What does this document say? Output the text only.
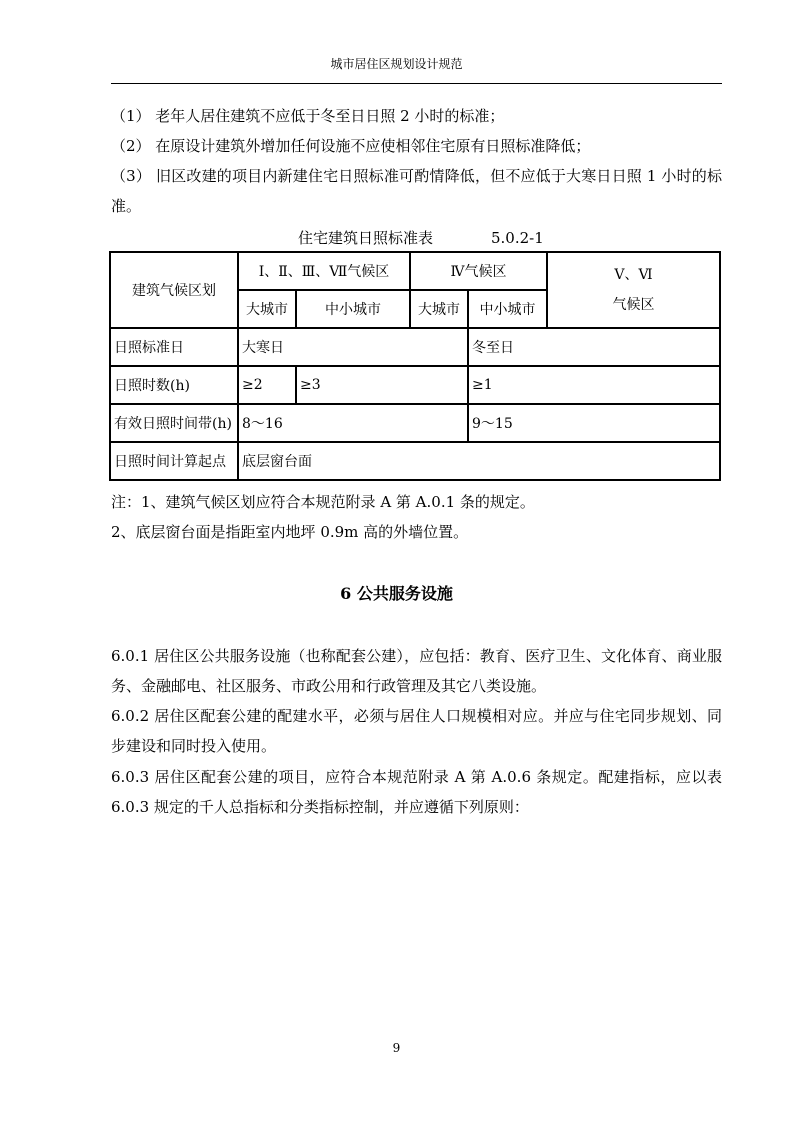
城市居住区规划设计规范

（1） 老年人居住建筑不应低于冬至日日照 2 小时的标准；

（2） 在原设计建筑外增加任何设施不应使相邻住宅原有日照标准降低；

（3） 旧区改建的项目内新建住宅日照标准可酌情降低，但不应低于大寒日日照 1 小时的标准。

住宅建筑日照标准表	5.0.2-1
建筑气候区划	Ⅰ、Ⅱ、Ⅲ、Ⅶ气候区		Ⅳ气候区		Ⅴ、Ⅵ
气候区

	大城市	中小城市	大城市	中小城市	
日照标准日	大寒日			冬至日	
日照时数(h)	≥2	≥3		≥1	
有效日照时间带(h)	8～16			9～15	
日照时间计算起点	底层窗台面				

注：1、建筑气候区划应符合本规范附录 A 第 A.0.1 条的规定。

2、底层窗台面是指距室内地坪 0.9m 高的外墙位置。

6 公共服务设施

6.0.1 居住区公共服务设施（也称配套公建），应包括：教育、医疗卫生、文化体育、商业服务、金融邮电、社区服务、市政公用和行政管理及其它八类设施。

6.0.2 居住区配套公建的配建水平，必须与居住人口规模相对应。并应与住宅同步规划、同步建设和同时投入使用。

6.0.3 居住区配套公建的项目，应符合本规范附录 A 第 A.0.6 条规定。配建指标，应以表 6.0.3 规定的千人总指标和分类指标控制，并应遵循下列原则：

9
